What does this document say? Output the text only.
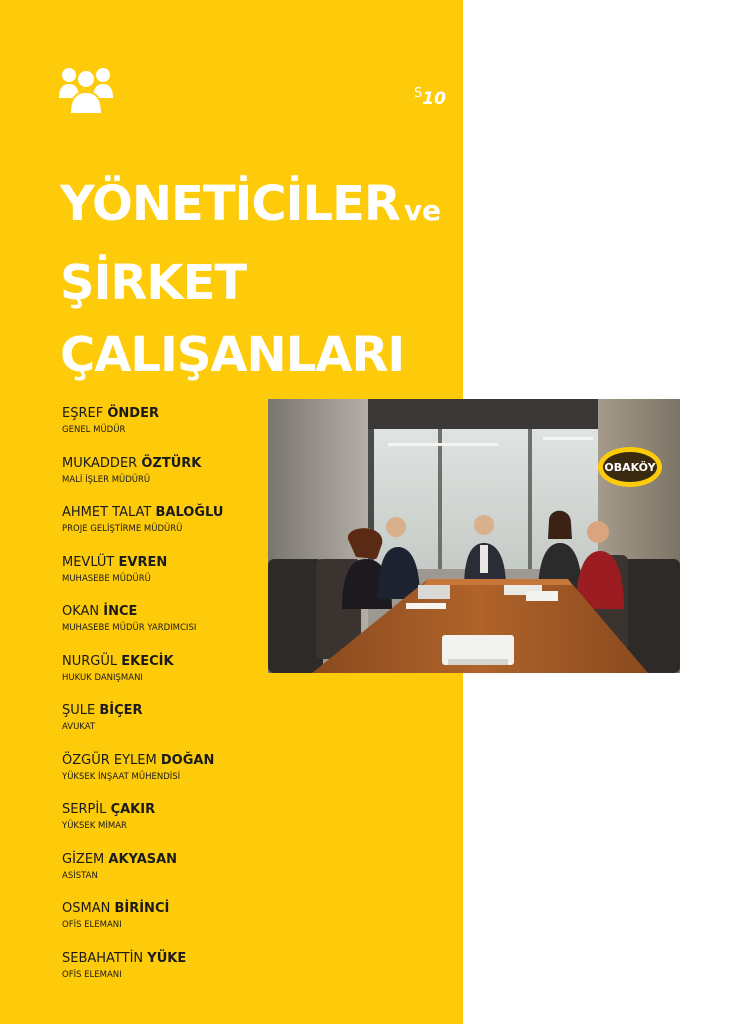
$^S$10
YÖNETİCİLER ve
ŞİRKET
ÇALIŞANLARI
EŞREF ÖNDER
GENEL MÜDÜR
MUKADDER ÖZTÜRK
MALİ İŞLER MÜDÜRÜ
AHMET TALAT BALOĞLU
PROJE GELİŞTİRME MÜDÜRÜ
MEVLÜT EVREN
MUHASEBE MÜDÜRÜ
OKAN İNCE
MUHASEBE MÜDÜR YARDIMCISI
NURGÜL EKECİK
HUKUK DANIŞMANI
ŞULE BİÇER
AVUKAT
ÖZGÜR EYLEM DOĞAN
YÜKSEK İNŞAAT MÜHENDİSİ
SERPİL ÇAKIR
YÜKSEK MİMAR
GİZEM AKYASAN
ASİSTAN
OSMAN BİRİNCİ
OFİS ELEMANI
SEBAHATTİN YÜKE
OFİS ELEMANI
OBAKÖY
